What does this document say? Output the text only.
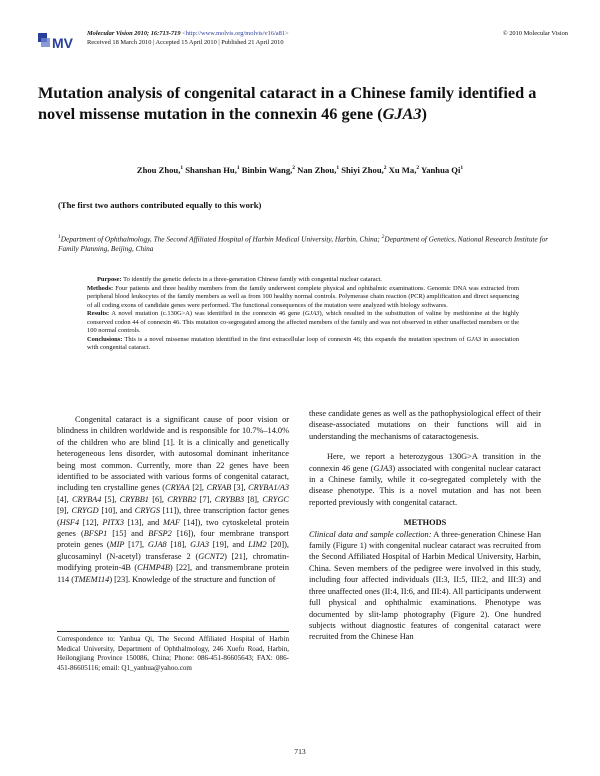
MV
Molecular Vision 2010; 16:713-719 <http://www.molvis.org/molvis/v16/a81>
Received 18 March 2010 | Accepted 15 April 2010 | Published 21 April 2010
© 2010 Molecular Vision
Mutation analysis of congenital cataract in a Chinese family identified a novel missense mutation in the connexin 46 gene (GJA3)
Zhou Zhou,$^1$ Shanshan Hu,$^1$ Binbin Wang,$^2$ Nan Zhou,$^1$ Shiyi Zhou,$^2$ Xu Ma,$^2$ Yanhua Qi$^1$
(The first two authors contributed equally to this work)
$^1$Department of Ophthalmology, The Second Affiliated Hospital of Harbin Medical University, Harbin, China; $^2$Department of Genetics, National Research Institute for Family Planning, Beijing, China

Purpose: To identify the genetic defects in a three-generation Chinese family with congenital nuclear cataract.

Methods: Four patients and three healthy members from the family underwent complete physical and ophthalmic examinations. Genomic DNA was extracted from peripheral blood leukocytes of the family members as well as from 100 healthy normal controls. Polymerase chain reaction (PCR) amplification and direct sequencing of all coding exons of candidate genes were performed. The functional consequences of the mutation were analyzed with biology softwares.

Results: A novel mutation (c.130G>A) was identified in the connexin 46 gene (GJA3), which resulted in the substitution of valine by methionine at the highly conserved codon 44 of connexin 46. This mutation co-segregated among the affected members of the family and was not observed in either unaffected members or the 100 normal controls.

Conclusions: This is a novel missense mutation identified in the first extracellular loop of connexin 46; this expands the mutation spectrum of GJA3 in association with congenital cataract.

Congenital cataract is a significant cause of poor vision or blindness in children worldwide and is responsible for 10.7%–14.0% of the children who are blind [1]. It is a clinically and genetically heterogeneous lens disorder, with autosomal dominant inheritance being most common. Currently, more than 22 genes have been identified to be associated with various forms of congenital cataract, including ten crystalline genes (CRYAA [2], CRYAB [3], CRYBA1/A3 [4], CRYBA4 [5], CRYBB1 [6], CRYBB2 [7], CRYBB3 [8], CRYGC [9], CRYGD [10], and CRYGS [11]), three transcription factor genes (HSF4 [12], PITX3 [13], and MAF [14]), two cytoskeletal protein genes (BFSP1 [15] and BFSP2 [16]), four membrane transport protein genes (MIP [17], GJA8 [18], GJA3 [19], and LIM2 [20]), glucosaminyl (N-acetyl) transferase 2 (GCNT2) [21], chromatin-modifying protein-4B (CHMP4B) [22], and transmembrane protein 114 (TMEM114) [23]. Knowledge of the structure and function of

Correspondence to: Yanhua Qi, The Second Affiliated Hospital of Harbin Medical University, Department of Ophthalmology, 246 Xuefu Road, Harbin, Heilongjiang Province 150086, China; Phone: 086-451-86605643; FAX: 086-451-86605116; email: Q1_yanhua@yahoo.com

these candidate genes as well as the pathophysiological effect of their disease-associated mutations on their functions will aid in understanding the mechanisms of cataractogenesis.

Here, we report a heterozygous 130G>A transition in the connexin 46 gene (GJA3) associated with congenital nuclear cataract in a Chinese family, while it co-segregated completely with the disease phenotype. This is a novel mutation and has not been reported previously with congenital cataract.

METHODS

Clinical data and sample collection: A three-generation Chinese Han family (Figure 1) with congenital nuclear cataract was recruited from the Second Affiliated Hospital of Harbin Medical University, Harbin, China. Seven members of the pedigree were involved in this study, including four affected individuals (II:3, II:5, III:2, and III:3) and three unaffected ones (II:4, II:6, and III:4). All participants underwent full physical and ophthalmic examinations. Phenotype was documented by slit-lamp photography (Figure 2). One hundred subjects without diagnostic features of congenital cataract were recruited from the Chinese Han

713
